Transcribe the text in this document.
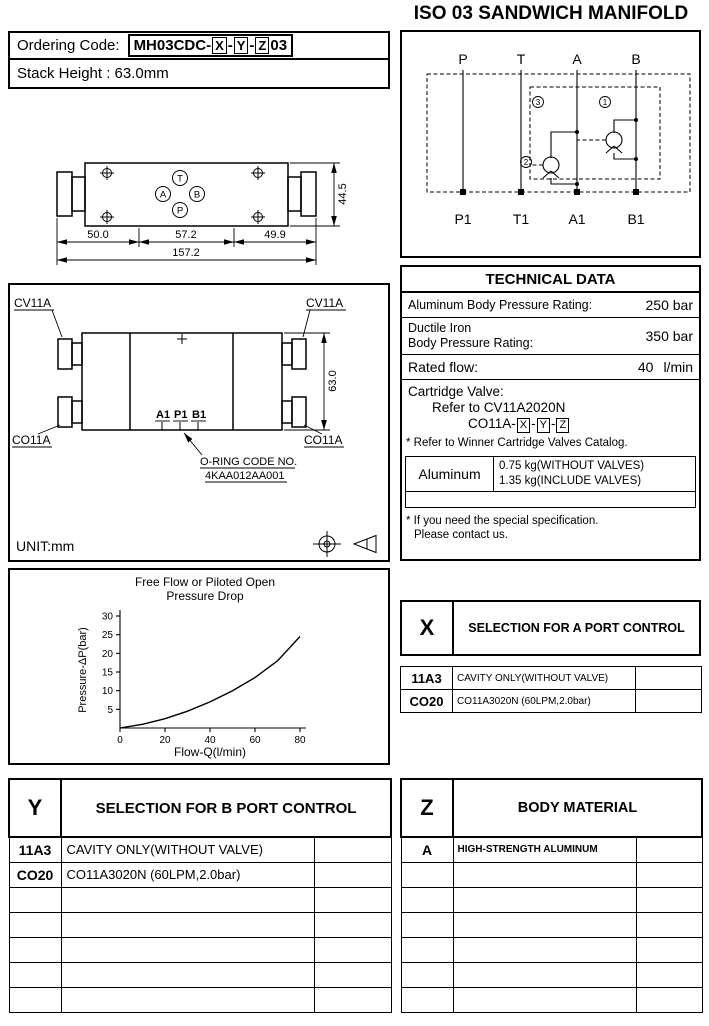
ISO 03 SANDWICH MANIFOLD
Ordering Code: MH03CDC- X - Y - Z 03
Stack Height : 63.0mm
T
A	B
P
50.0	57.2	49.9
157.2
44.5
CV11A	CV11A
CO11A	CO11A
A1 P1 B1
63.0
O-RING CODE NO.
4KAA012AA001
UNIT:mm
Free Flow or Piloted Open
Pressure Drop
Pressure-ΔP(bar)
Flow-Q(l/min)
0	20	40	60	80
5
10
15
20
25
30
Y	SELECTION FOR B PORT CONTROL	
11A3	CAVITY ONLY(WITHOUT VALVE)	
CO20	CO11A3020N (60LPM,2.0bar)	

P	T	A	B
3	1
2
P1	T1	A1	B1
TECHNICAL DATA
Aluminum Body Pressure Rating:	250 bar
Ductile Iron
Body Pressure Rating:	350 bar
Rated flow:	40 l/min
Cartridge Valve:
Refer to CV11A2020N
CO11A- X - Y - Z
* Refer to Winner Cartridge Valves Catalog.
Aluminum	0.75 kg(WITHOUT VALVES)
1.35 kg(INCLUDE VALVES)
* If you need the special specification.
Please contact us.
X	SELECTION FOR A PORT CONTROL
11A3	CAVITY ONLY(WITHOUT VALVE)	
CO20	CO11A3020N (60LPM,2.0bar)	
Z	BODY MATERIAL	
A	HIGH-STRENGTH ALUMINUM	
